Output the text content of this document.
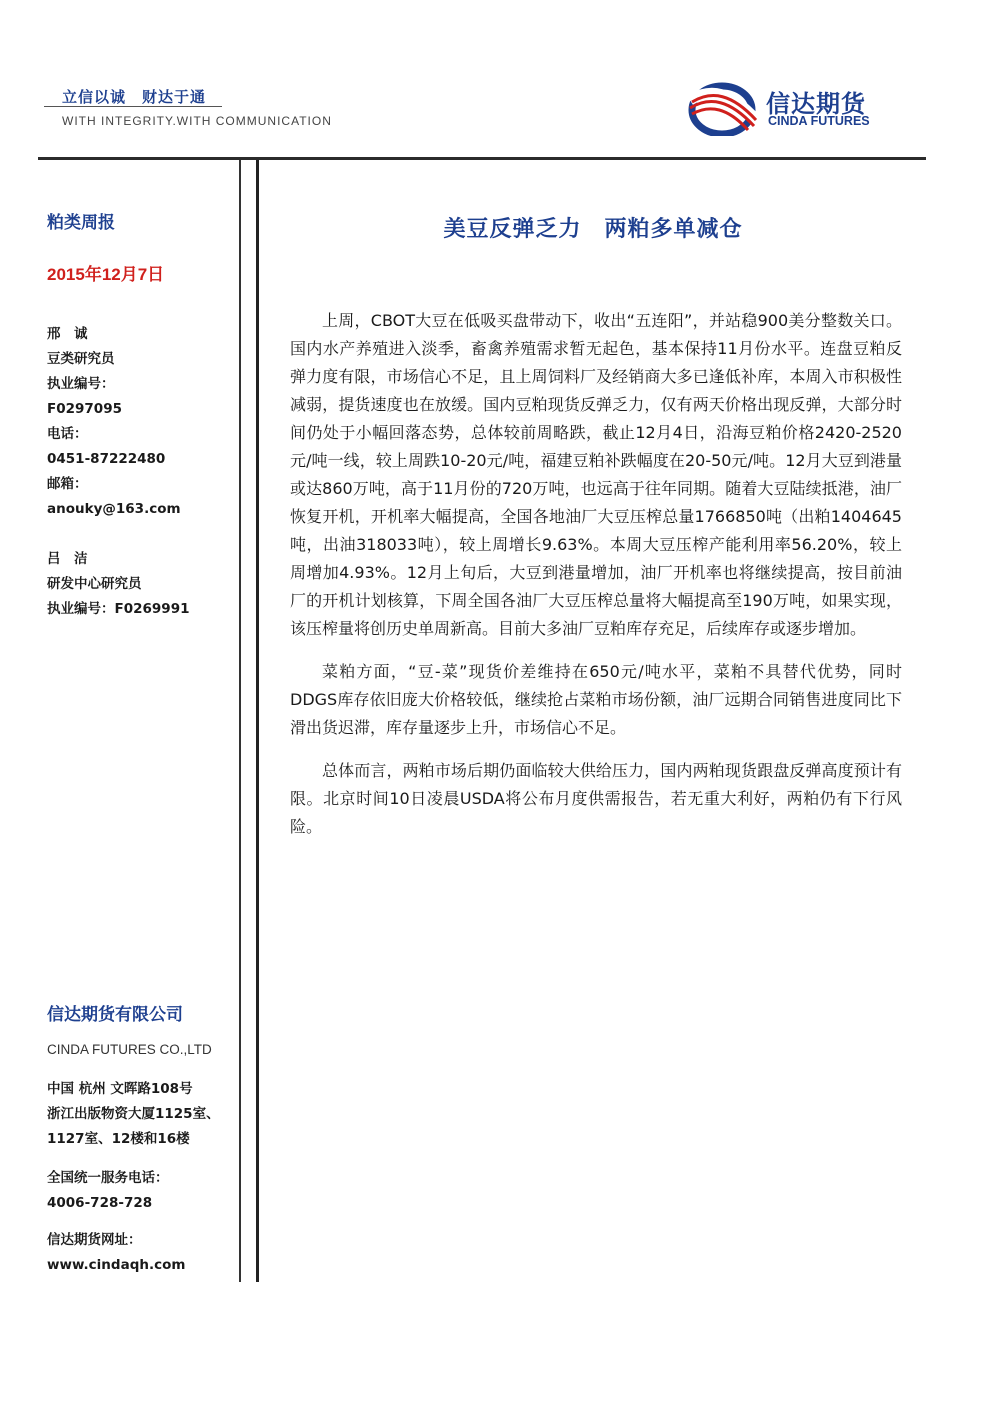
立信以诚　财达于通
WITH INTEGRITY.WITH COMMUNICATION
信达期货
CINDA FUTURES
粕类周报
2015年12月7日
邢　诚
豆类研究员
执业编号：
F0297095
电话：
0451-87222480
邮箱：
anouky@163.com
吕　洁
研发中心研究员
执业编号：F0269991
信达期货有限公司
CINDA FUTURES CO.,LTD
中国 杭州 文晖路108号
浙江出版物资大厦1125室、
1127室、12楼和16楼
全国统一服务电话：
4006-728-728
信达期货网址：
www.cindaqh.com
美豆反弹乏力　两粕多单减仓

上周，CBOT大豆在低吸买盘带动下，收出“五连阳”，并站稳900美分整数关口。国内水产养殖进入淡季，畜禽养殖需求暂无起色，基本保持11月份水平。连盘豆粕反弹力度有限，市场信心不足，且上周饲料厂及经销商大多已逢低补库，本周入市积极性减弱，提货速度也在放缓。国内豆粕现货反弹乏力，仅有两天价格出现反弹，大部分时间仍处于小幅回落态势，总体较前周略跌，截止12月4日，沿海豆粕价格2420-2520元/吨一线，较上周跌10-20元/吨，福建豆粕补跌幅度在20-50元/吨。12月大豆到港量或达860万吨，高于11月份的720万吨，也远高于往年同期。随着大豆陆续抵港，油厂恢复开机，开机率大幅提高，全国各地油厂大豆压榨总量1766850吨（出粕1404645吨，出油318033吨），较上周增长9.63%。本周大豆压榨产能利用率56.20%，较上周增加4.93%。12月上旬后，大豆到港量增加，油厂开机率也将继续提高，按目前油厂的开机计划核算，下周全国各油厂大豆压榨总量将大幅提高至190万吨，如果实现，该压榨量将创历史单周新高。目前大多油厂豆粕库存充足，后续库存或逐步增加。

菜粕方面，“豆-菜”现货价差维持在650元/吨水平，菜粕不具替代优势，同时DDGS库存依旧庞大价格较低，继续抢占菜粕市场份额，油厂远期合同销售进度同比下滑出货迟滞，库存量逐步上升，市场信心不足。

总体而言，两粕市场后期仍面临较大供给压力，国内两粕现货跟盘反弹高度预计有限。北京时间10日凌晨USDA将公布月度供需报告，若无重大利好，两粕仍有下行风险。
